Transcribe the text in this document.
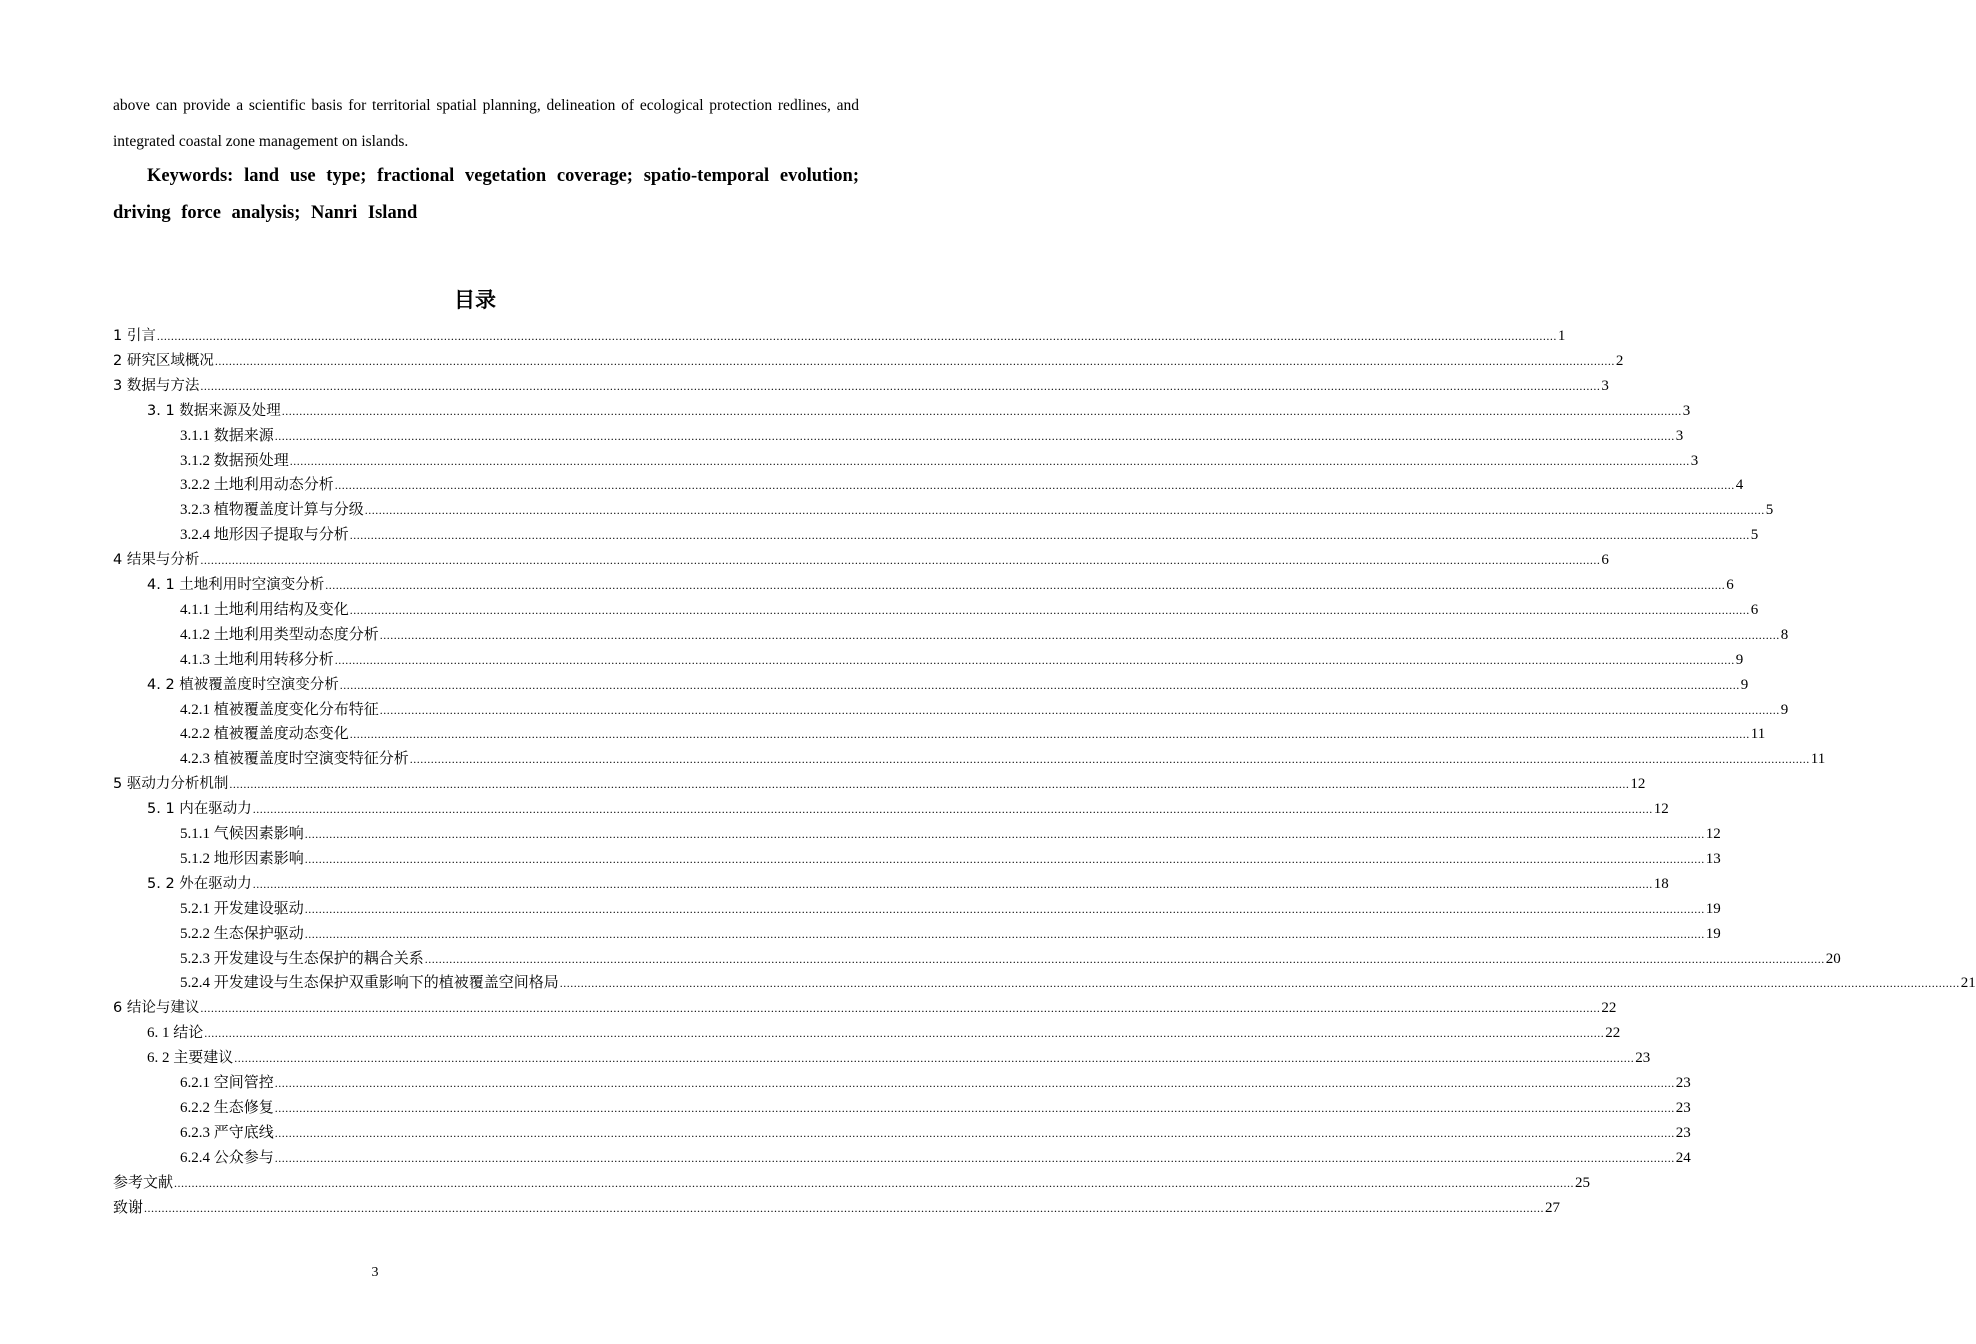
above can provide a scientific basis for territorial spatial planning, delineation of ecological protection redlines, and integrated coastal zone management on islands.

Keywords: land use type; fractional vegetation coverage; spatio-temporal evolution; driving force analysis; Nanri Island

目录
1 引言 ................................................................................................................................................................................................................................................................................................................................................................................................................ 1
2 研究区域概况 ................................................................................................................................................................................................................................................................................................................................................................................................................ 2
3 数据与方法 ................................................................................................................................................................................................................................................................................................................................................................................................................ 3
3. 1 数据来源及处理 ................................................................................................................................................................................................................................................................................................................................................................................................................ 3
3.1.1 数据来源 ................................................................................................................................................................................................................................................................................................................................................................................................................ 3
3.1.2 数据预处理 ................................................................................................................................................................................................................................................................................................................................................................................................................ 3
3.2.2 土地利用动态分析 ................................................................................................................................................................................................................................................................................................................................................................................................................ 4
3.2.3 植物覆盖度计算与分级 ................................................................................................................................................................................................................................................................................................................................................................................................................ 5
3.2.4 地形因子提取与分析 ................................................................................................................................................................................................................................................................................................................................................................................................................ 5
4 结果与分析 ................................................................................................................................................................................................................................................................................................................................................................................................................ 6
4. 1 土地利用时空演变分析 ................................................................................................................................................................................................................................................................................................................................................................................................................ 6
4.1.1 土地利用结构及变化 ................................................................................................................................................................................................................................................................................................................................................................................................................ 6
4.1.2 土地利用类型动态度分析 ................................................................................................................................................................................................................................................................................................................................................................................................................ 8
4.1.3 土地利用转移分析 ................................................................................................................................................................................................................................................................................................................................................................................................................ 9
4. 2 植被覆盖度时空演变分析 ................................................................................................................................................................................................................................................................................................................................................................................................................ 9
4.2.1 植被覆盖度变化分布特征 ................................................................................................................................................................................................................................................................................................................................................................................................................ 9
4.2.2 植被覆盖度动态变化 ................................................................................................................................................................................................................................................................................................................................................................................................................ 11
4.2.3 植被覆盖度时空演变特征分析 ................................................................................................................................................................................................................................................................................................................................................................................................................ 11
5 驱动力分析机制 ................................................................................................................................................................................................................................................................................................................................................................................................................ 12
5. 1 内在驱动力 ................................................................................................................................................................................................................................................................................................................................................................................................................ 12
5.1.1 气候因素影响 ................................................................................................................................................................................................................................................................................................................................................................................................................ 12
5.1.2 地形因素影响 ................................................................................................................................................................................................................................................................................................................................................................................................................ 13
5. 2 外在驱动力 ................................................................................................................................................................................................................................................................................................................................................................................................................ 18
5.2.1 开发建设驱动 ................................................................................................................................................................................................................................................................................................................................................................................................................ 19
5.2.2 生态保护驱动 ................................................................................................................................................................................................................................................................................................................................................................................................................ 19
5.2.3 开发建设与生态保护的耦合关系 ................................................................................................................................................................................................................................................................................................................................................................................................................ 20
5.2.4 开发建设与生态保护双重影响下的植被覆盖空间格局 ................................................................................................................................................................................................................................................................................................................................................................................................................ 21
6 结论与建议 ................................................................................................................................................................................................................................................................................................................................................................................................................ 22
6. 1 结论 ................................................................................................................................................................................................................................................................................................................................................................................................................ 22
6. 2 主要建议 ................................................................................................................................................................................................................................................................................................................................................................................................................ 23
6.2.1 空间管控 ................................................................................................................................................................................................................................................................................................................................................................................................................ 23
6.2.2 生态修复 ................................................................................................................................................................................................................................................................................................................................................................................................................ 23
6.2.3 严守底线 ................................................................................................................................................................................................................................................................................................................................................................................................................ 23
6.2.4 公众参与 ................................................................................................................................................................................................................................................................................................................................................................................................................ 24
参考文献 ................................................................................................................................................................................................................................................................................................................................................................................................................ 25
致谢 ................................................................................................................................................................................................................................................................................................................................................................................................................ 27
3
